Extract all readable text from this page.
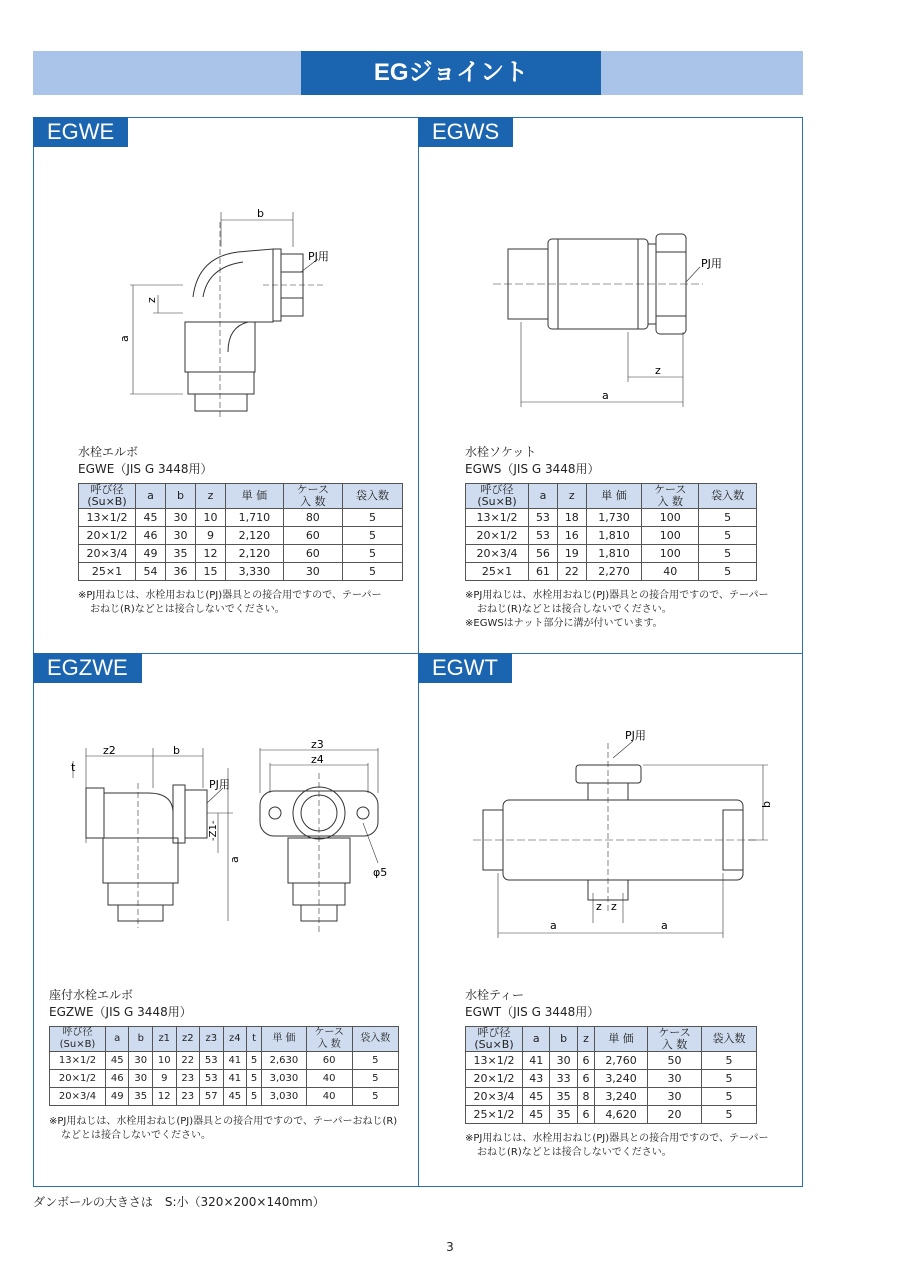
EGジョイント
EGWE
b
a
z
PJ用
水栓エルボ
EGWE（JIS G 3448用）
呼び径
(Su×B)	a	b	z	単 価	ケース
入 数	袋入数
13×1/2	45	30	10	1,710	80	5
20×1/2	46	30	9	2,120	60	5
20×3/4	49	35	12	2,120	60	5
25×1	54	36	15	3,330	30	5
※PJ用ねじは、水栓用おねじ(PJ)器具との接合用ですので、テーパー
おねじ(R)などとは接合しないでください。
EGWS
z
a
PJ用
水栓ソケット
EGWS（JIS G 3448用）
呼び径
(Su×B)	a	z	単 価	ケース
入 数	袋入数
13×1/2	53	18	1,730	100	5
20×1/2	53	16	1,810	100	5
20×3/4	56	19	1,810	100	5
25×1	61	22	2,270	40	5
※PJ用ねじは、水栓用おねじ(PJ)器具との接合用ですので、テーパー
おねじ(R)などとは接合しないでください。
※EGWSはナット部分に溝が付いています。
EGZWE
t
z2	b
PJ用
-Z1-
a
z3
z4
φ5
座付水栓エルボ
EGZWE（JIS G 3448用）
呼び径
(Su×B)	a	b	z1	z2	z3	z4	t	単 価	ケース
入 数	袋入数
13×1/2	45	30	10	22	53	41	5	2,630	60	5
20×1/2	46	30	9	23	53	41	5	3,030	40	5
20×3/4	49	35	12	23	57	45	5	3,030	40	5
※PJ用ねじは、水栓用おねじ(PJ)器具との接合用ですので、テーパーおねじ(R)
などとは接合しないでください。
EGWT
PJ用
b
z z
a	a
水栓ティー
EGWT（JIS G 3448用）
呼び径
(Su×B)	a	b	z	単 価	ケース
入 数	袋入数
13×1/2	41	30	6	2,760	50	5
20×1/2	43	33	6	3,240	30	5
20×3/4	45	35	8	3,240	30	5
25×1/2	45	35	6	4,620	20	5
※PJ用ねじは、水栓用おねじ(PJ)器具との接合用ですので、テーパー
おねじ(R)などとは接合しないでください。
ダンボールの大きさは　S:小（320×200×140mm）
3
